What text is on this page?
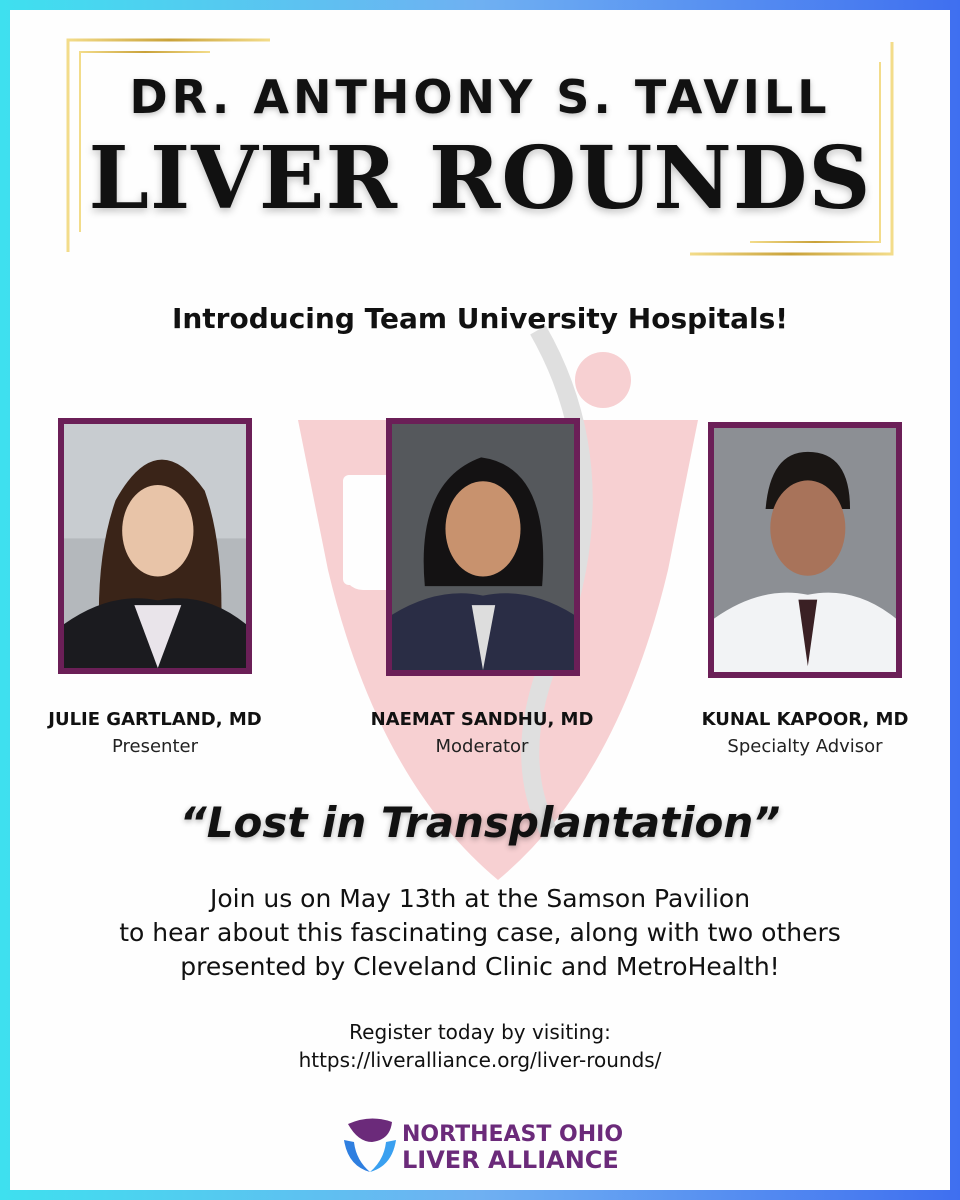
DR. ANTHONY S. TAVILL
LIVER ROUNDS
Introducing Team University Hospitals!
JULIE GARTLAND, MD
Presenter
NAEMAT SANDHU, MD
Moderator
KUNAL KAPOOR, MD
Specialty Advisor
“Lost in Transplantation”
Join us on May 13th at the Samson Pavilion
to hear about this fascinating case, along with two others
presented by Cleveland Clinic and MetroHealth!
Register today by visiting:
https://liveralliance.org/liver-rounds/
NORTHEAST OHIO
LIVER ALLIANCE
